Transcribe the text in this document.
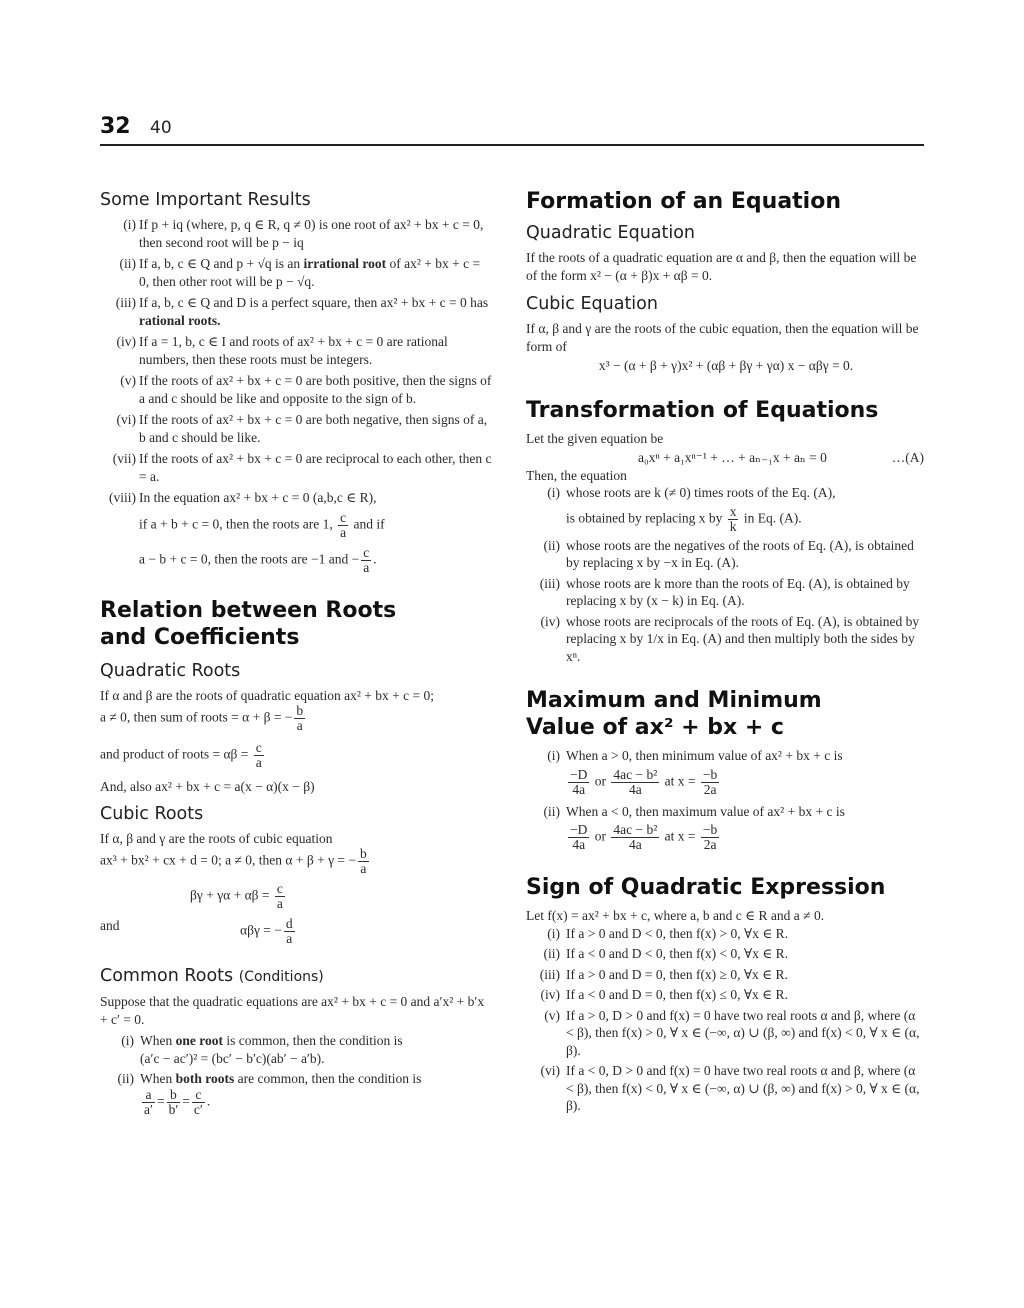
32 40
Some Important Results
(i) If p + iq (where, p, q ∈ R, q ≠ 0) is one root of ax² + bx + c = 0, then second root will be p − iq
(ii) If a, b, c ∈ Q and p + √q is an irrational root of ax² + bx + c = 0, then other root will be p − √q.
(iii) If a, b, c ∈ Q and D is a perfect square, then ax² + bx + c = 0 has rational roots.
(iv) If a = 1, b, c ∈ I and roots of ax² + bx + c = 0 are rational numbers, then these roots must be integers.
(v) If the roots of ax² + bx + c = 0 are both positive, then the signs of a and c should be like and opposite to the sign of b.
(vi) If the roots of ax² + bx + c = 0 are both negative, then signs of a, b and c should be like.
(vii) If the roots of ax² + bx + c = 0 are reciprocal to each other, then c = a.
(viii) In the equation ax² + bx + c = 0 (a,b,c ∈ R),
if a + b + c = 0, then the roots are 1, $\frac{c}{a}$ and if
a − b + c = 0, then the roots are −1 and − $\frac{c}{a}$ .
Relation between Roots and Coefficients
Quadratic Roots
If α and β are the roots of quadratic equation ax² + bx + c = 0;
a ≠ 0, then sum of roots = α + β = − $\frac{b}{a}$
and product of roots = $\alpha\beta = \frac{c}{a}$
And, also ax² + bx + c = a(x − α)(x − β)
Cubic Roots
If α, β and γ are the roots of cubic equation
ax³ + bx² + cx + d = 0; a ≠ 0, then α + β + γ = − $\frac{b}{a}$
$\beta\gamma + \gamma\alpha + \alpha\beta = \frac{c}{a}$
and	αβγ = − $\frac{d}{a}$
Common Roots (Conditions)
Suppose that the quadratic equations are ax² + bx + c = 0 and a′x² + b′x + c′ = 0.
(i) When one root is common, then the condition is
(a′c − ac′)² = (bc′ − b′c)(ab′ − a′b).
(ii) When both roots are common, then the condition is
$\frac{a}{a'} = \frac{b}{b'} = \frac{c}{c'}$ .
Formation of an Equation
Quadratic Equation
If the roots of a quadratic equation are α and β, then the equation will be of the form x² − (α + β)x + αβ = 0.
Cubic Equation
If α, β and γ are the roots of the cubic equation, then the equation will be form of
x³ − (α + β + γ)x² + (αβ + βγ + γα) x − αβγ = 0.
Transformation of Equations
Let the given equation be
a₀xⁿ + a₁xⁿ⁻¹ + … + aₙ₋₁x + aₙ = 0	…(A)
Then, the equation
(i) whose roots are k (≠ 0) times roots of the Eq. (A),
is obtained by replacing x by $\frac{x}{k}$ in Eq. (A).
(ii) whose roots are the negatives of the roots of Eq. (A), is obtained by replacing x by −x in Eq. (A).
(iii) whose roots are k more than the roots of Eq. (A), is obtained by replacing x by (x − k) in Eq. (A).
(iv) whose roots are reciprocals of the roots of Eq. (A), is obtained by replacing x by 1/x in Eq. (A) and then multiply both the sides by xⁿ.
Maximum and Minimum
Value of ax² + bx + c
(i) When a > 0, then minimum value of ax² + bx + c is
$\frac{-D}{4a}$ or $\frac{\text{4ac − b²}}{4a}$ at $x = \frac{-b}{2a}$
(ii) When a < 0, then maximum value of ax² + bx + c is
$\frac{-D}{4a}$ or $\frac{\text{4ac − b²}}{4a}$ at $x = \frac{-b}{2a}$
Sign of Quadratic Expression
Let f(x) = ax² + bx + c, where a, b and c ∈ R and a ≠ 0.
(i) If a > 0 and D < 0, then f(x) > 0, ∀x ∈ R.
(ii) If a < 0 and D < 0, then f(x) < 0, ∀x ∈ R.
(iii) If a > 0 and D = 0, then f(x) ≥ 0, ∀x ∈ R.
(iv) If a < 0 and D = 0, then f(x) ≤ 0, ∀x ∈ R.
(v) If a > 0, D > 0 and f(x) = 0 have two real roots α and β, where (α < β), then f(x) > 0, ∀ x ∈ (−∞, α) ∪ (β, ∞) and f(x) < 0, ∀ x ∈ (α, β).
(vi) If a < 0, D > 0 and f(x) = 0 have two real roots α and β, where (α < β), then f(x) < 0, ∀ x ∈ (−∞, α) ∪ (β, ∞) and f(x) > 0, ∀ x ∈ (α, β).
